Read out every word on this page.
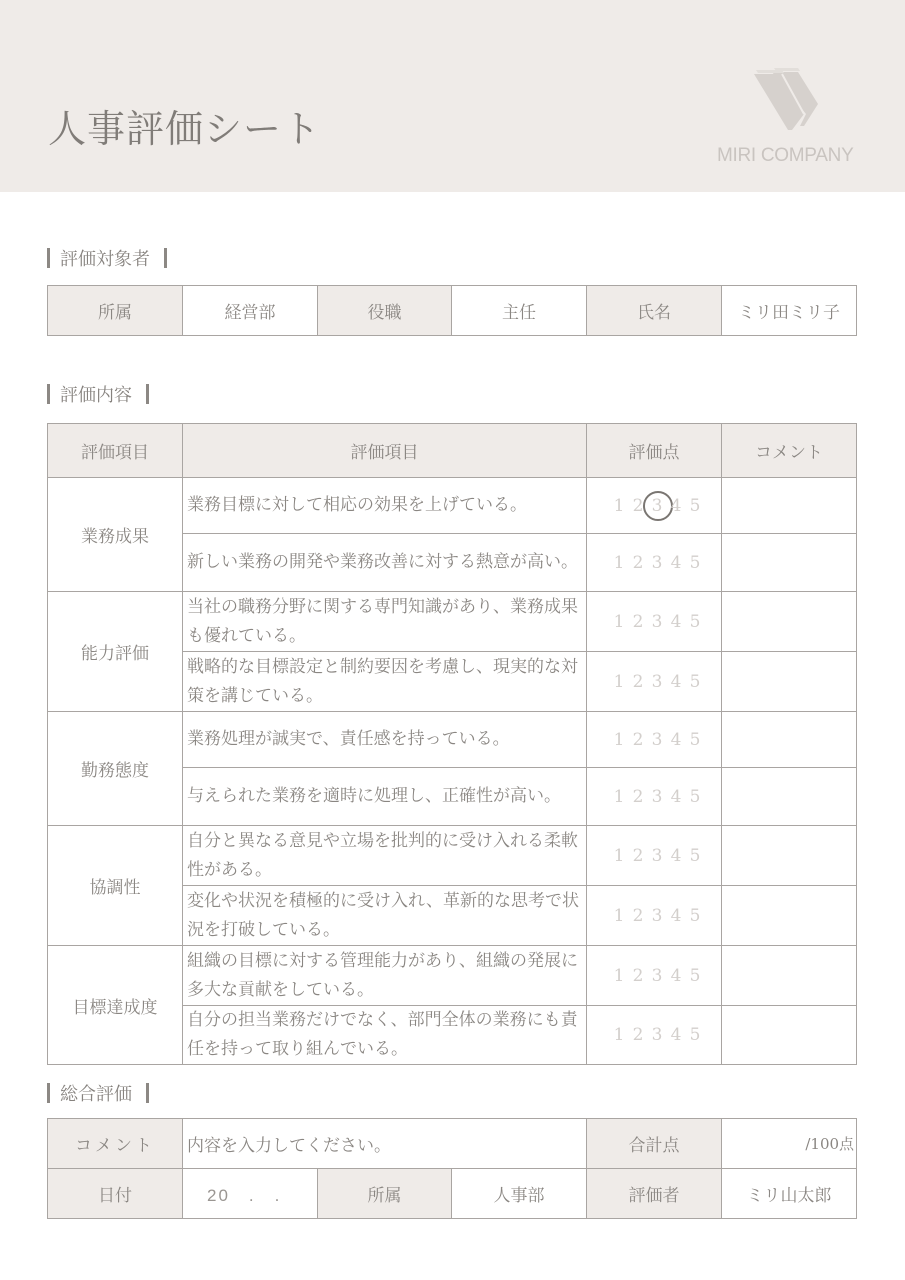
人事評価シート
MIRI COMPANY
評価対象者
所属	経営部	役職	主任	氏名	ミリ田ミリ子
評価内容
評価項目	評価項目	評価点	コメント
業務成果	業務目標に対して相応の効果を上げている。	1 2 3 4 5	
	新しい業務の開発や業務改善に対する熱意が高い。	1 2 3 4 5	
能力評価	当社の職務分野に関する専門知識があり、業務成果も優れている。	1 2 3 4 5	
	戦略的な目標設定と制約要因を考慮し、現実的な対策を講じている。	1 2 3 4 5	
勤務態度	業務処理が誠実で、責任感を持っている。	1 2 3 4 5	
	与えられた業務を適時に処理し、正確性が高い。	1 2 3 4 5	
協調性	自分と異なる意見や立場を批判的に受け入れる柔軟性がある。	1 2 3 4 5	
	変化や状況を積極的に受け入れ、革新的な思考で状況を打破している。	1 2 3 4 5	
目標達成度	組織の目標に対する管理能力があり、組織の発展に多大な貢献をしている。	1 2 3 4 5	
	自分の担当業務だけでなく、部門全体の業務にも責任を持って取り組んでいる。	1 2 3 4 5	
総合評価
コメント	内容を入力してください。			合計点	/100点
日付	20　.　.	所属	人事部	評価者	ミリ山太郎
